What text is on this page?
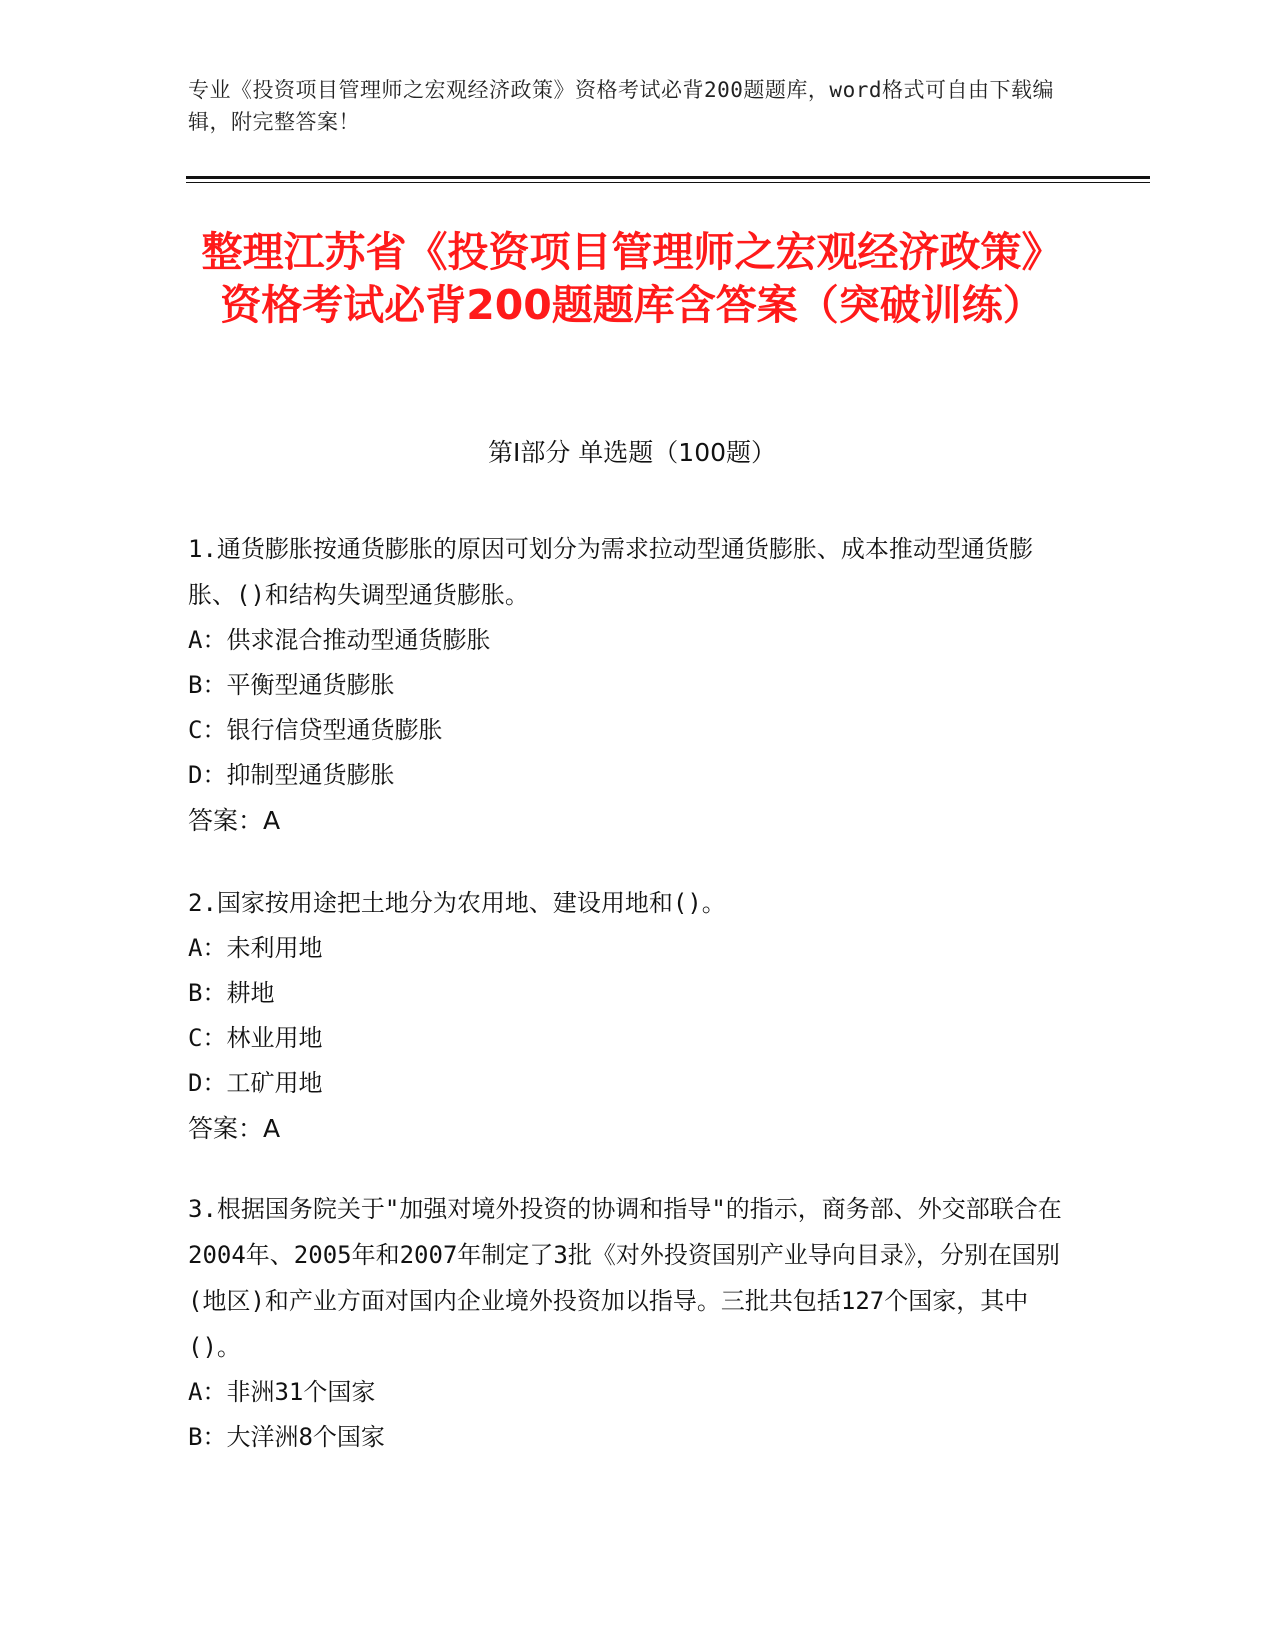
专业《投资项目管理师之宏观经济政策》资格考试必背200题题库，word格式可自由下载编辑，附完整答案！
整理江苏省《投资项目管理师之宏观经济政策》资格考试必背200题题库含答案（突破训练）
第I部分 单选题（100题）
1.通货膨胀按通货膨胀的原因可划分为需求拉动型通货膨胀、成本推动型通货膨胀、()和结构失调型通货膨胀。
A：供求混合推动型通货膨胀
B：平衡型通货膨胀
C：银行信贷型通货膨胀
D：抑制型通货膨胀
答案：A
2.国家按用途把土地分为农用地、建设用地和()。
A：未利用地
B：耕地
C：林业用地
D：工矿用地
答案：A
3.根据国务院关于"加强对境外投资的协调和指导"的指示，商务部、外交部联合在2004年、2005年和2007年制定了3批《对外投资国别产业导向目录》，分别在国别(地区)和产业方面对国内企业境外投资加以指导。三批共包括127个国家，其中()。
A：非洲31个国家
B：大洋洲8个国家
